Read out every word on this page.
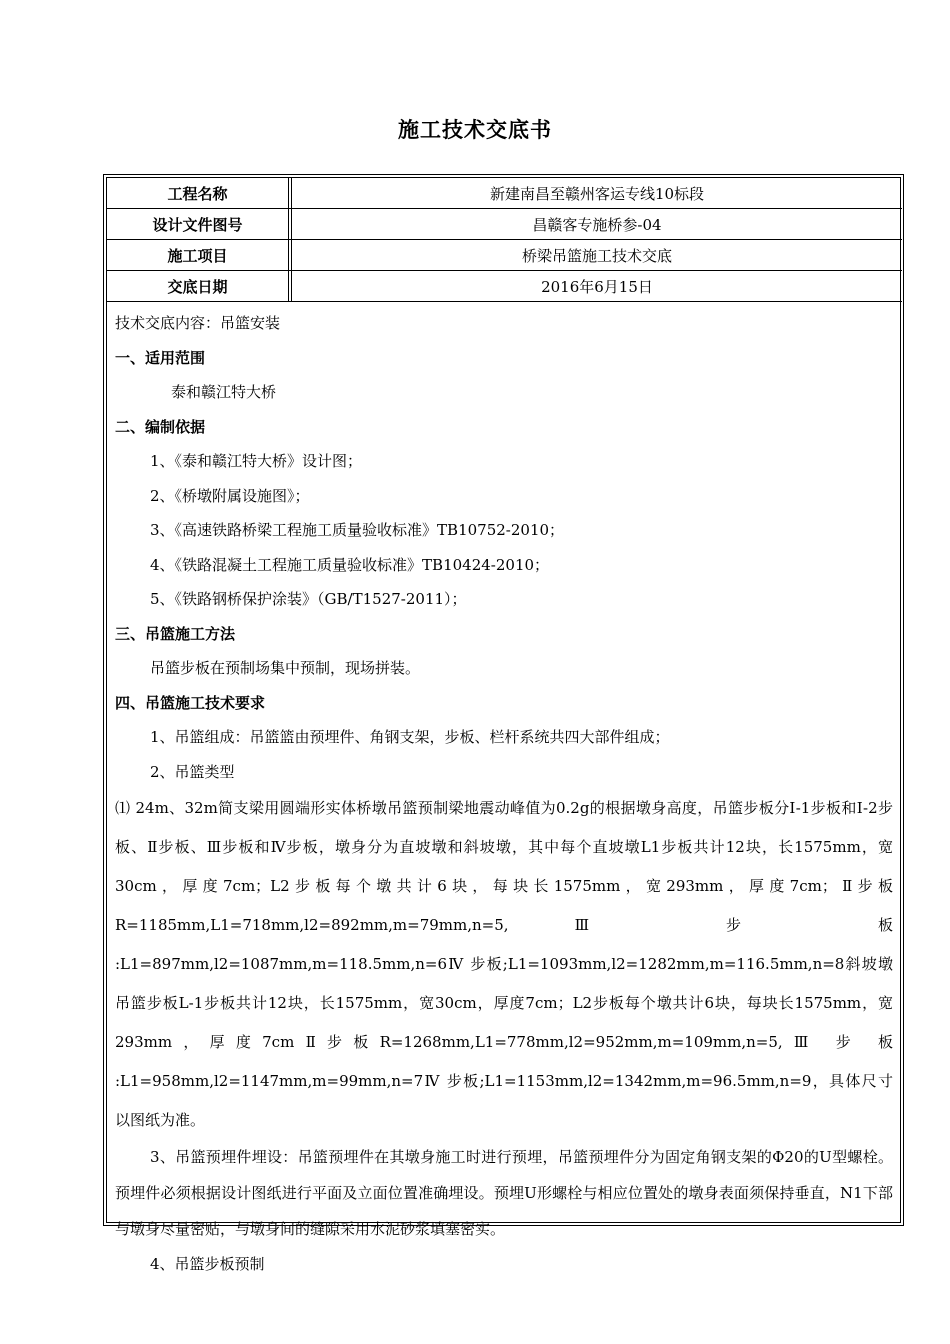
施工技术交底书
工程名称		新建南昌至赣州客运专线10标段
设计文件图号		昌赣客专施桥参-04
施工项目		桥梁吊篮施工技术交底
交底日期		2016年6月15日
技术交底内容：吊篮安装
一、适用范围
泰和赣江特大桥
二、编制依据
1、《泰和赣江特大桥》设计图；
2、《桥墩附属设施图》；
3、《高速铁路桥梁工程施工质量验收标准》TB10752-2010；
4、《铁路混凝土工程施工质量验收标准》TB10424-2010；
5、《铁路钢桥保护涂装》（GB/T1527-2011）；
三、吊篮施工方法
吊篮步板在预制场集中预制，现场拼装。
四、吊篮施工技术要求
1、吊篮组成：吊篮篮由预埋件、角钢支架，步板、栏杆系统共四大部件组成；
2、吊篮类型
⑴ 24m、32m简支梁用圆端形实体桥墩吊篮预制梁地震动峰值为0.2g的根据墩身高度，吊篮步板分Ⅰ-1步板和Ⅰ-2步板、Ⅱ步板、Ⅲ步板和Ⅳ步板，墩身分为直坡墩和斜坡墩，其中每个直坡墩L1步板共计12块，长1575mm，宽30cm，厚度7cm；L2步板每个墩共计6块，每块长1575mm，宽293mm，厚度7cm；Ⅱ步板 R=1185mm,L1=718mm,l2=892mm,m=79mm,n=5,Ⅲ 步 板 :L1=897mm,l2=1087mm,m=118.5mm,n=6Ⅳ 步板;L1=1093mm,l2=1282mm,m=116.5mm,n=8斜坡墩吊篮步板L-1步板共计12块，长1575mm，宽30cm，厚度7cm；L2步板每个墩共计6块，每块长1575mm，宽293mm，厚度7cmⅡ步板R=1268mm,L1=778mm,l2=952mm,m=109mm,n=5,Ⅲ 步 板 :L1=958mm,l2=1147mm,m=99mm,n=7Ⅳ 步板;L1=1153mm,l2=1342mm,m=96.5mm,n=9，具体尺寸以图纸为准。
3、吊篮预埋件埋设：吊篮预埋件在其墩身施工时进行预埋，吊篮预埋件分为固定角钢支架的Φ20的U型螺栓。预埋件必须根据设计图纸进行平面及立面位置准确埋设。预埋U形螺栓与相应位置处的墩身表面须保持垂直，N1下部与墩身尽量密贴，与墩身间的缝隙采用水泥砂浆填塞密实。
4、吊篮步板预制
